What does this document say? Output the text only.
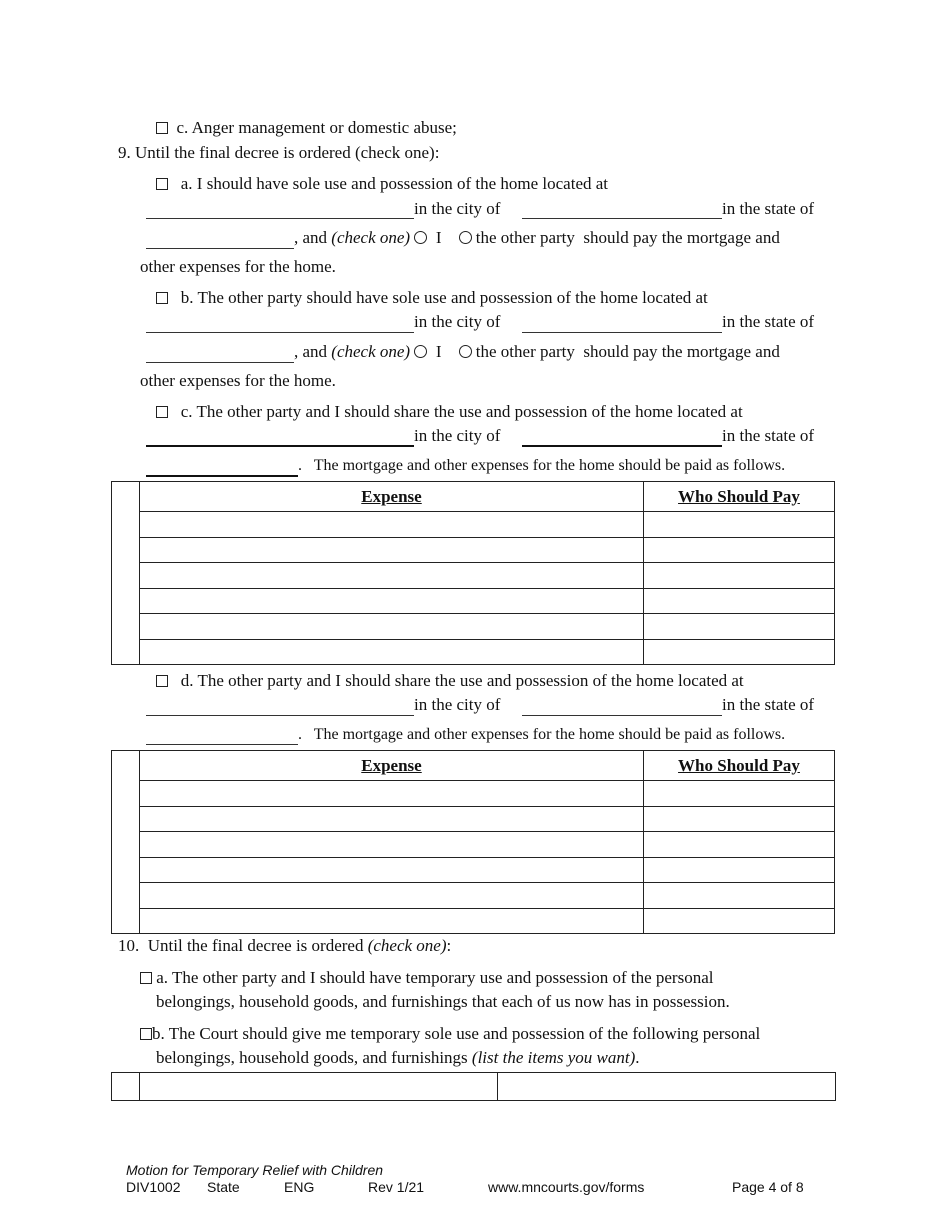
c. Anger management or domestic abuse;
9. Until the final decree is ordered (check one):
a. I should have sole use and possession of the home located at
in the city of	in the state of
, and (check one) I the other party should pay the mortgage and
other expenses for the home.
b. The other party should have sole use and possession of the home located at
in the city of	in the state of
, and (check one) I the other party should pay the mortgage and
other expenses for the home.
c. The other party and I should share the use and possession of the home located at
in the city of	in the state of
. The mortgage and other expenses for the home should be paid as follows.
	Expense	Who Should Pay

d. The other party and I should share the use and possession of the home located at
in the city of	in the state of
. The mortgage and other expenses for the home should be paid as follows.
	Expense	Who Should Pay

10.  Until the final decree is ordered (check one):
a. The other party and I should have temporary use and possession of the personal
belongings, household goods, and furnishings that each of us now has in possession.
b. The Court should give me temporary sole use and possession of the following personal
belongings, household goods, and furnishings (list the items you want).

Motion for Temporary Relief with Children
DIV1002 State	ENG	Rev 1/21	www.mncourts.gov/forms	Page 4 of 8
